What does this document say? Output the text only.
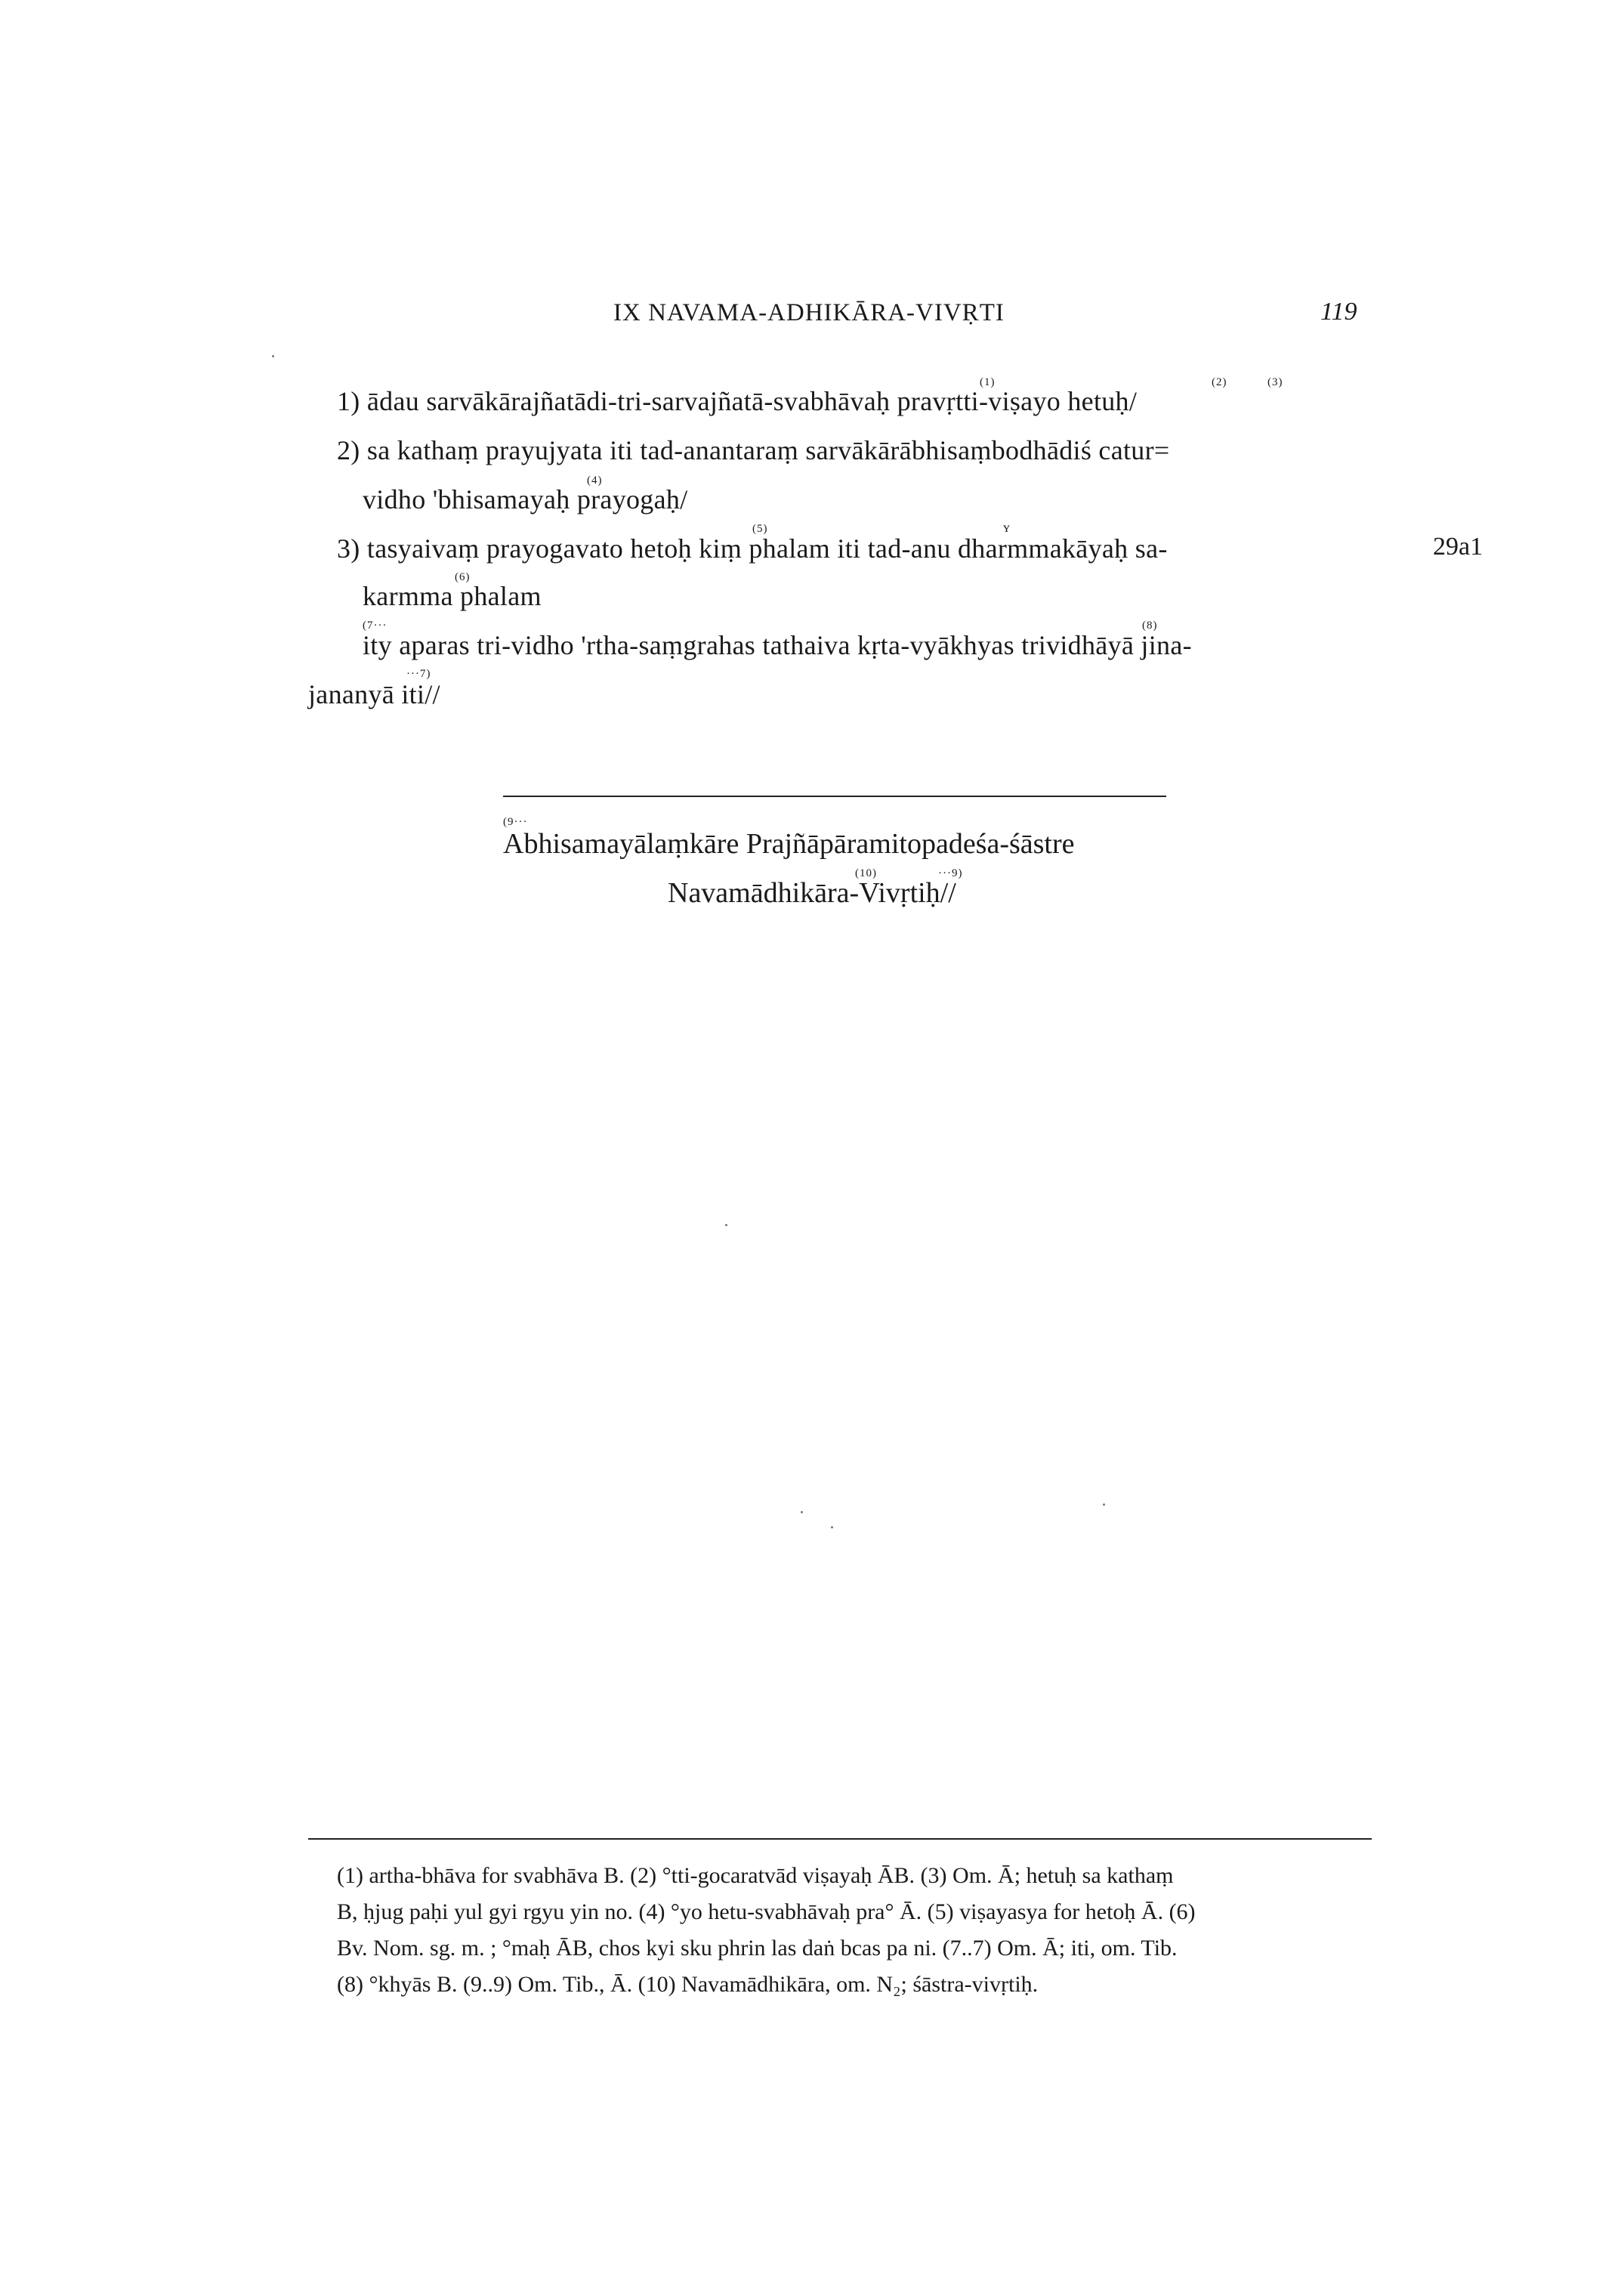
IX NAVAMA-ADHIKĀRA-VIVṚTI	119
(1)	(2)	(3)
1) ādau sarvākārajñatādi-tri-sarvajñatā-svabhāvaḥ pravṛtti-viṣayo hetuḥ/
2) sa kathaṃ prayujyata iti tad-anantaraṃ sarvākārābhisaṃbodhādiś catur=
(4)
vidho 'bhisamayaḥ prayogaḥ/
(5)	ʏ
3) tasyaivaṃ prayogavato hetoḥ kiṃ phalam iti tad-anu dharmmakāyaḥ sa-	29a1
(6)
karmma phalam
(7···	(8)
ity aparas tri-vidho 'rtha-saṃgrahas tathaiva kṛta-vyākhyas trividhāyā jina-
···7)
jananyā iti//
(9···
Abhisamayālaṃkāre Prajñāpāramitopadeśa-śāstre
(10)	···9)
Navamādhikāra-Vivṛtiḥ//
(1) artha-bhāva for svabhāva B. (2) °tti-gocaratvād viṣayaḥ ĀB. (3) Om. Ā; hetuḥ sa kathaṃ
B, ḥjug paḥi yul gyi rgyu yin no. (4) °yo hetu-svabhāvaḥ pra° Ā. (5) viṣayasya for hetoḥ Ā. (6)
Bv. Nom. sg. m. ; °maḥ ĀB, chos kyi sku phrin las daṅ bcas pa ni. (7..7) Om. Ā; iti, om. Tib.
(8) °khyās B. (9..9) Om. Tib., Ā. (10) Navamādhikāra, om. N₂; śāstra-vivṛtiḥ.
